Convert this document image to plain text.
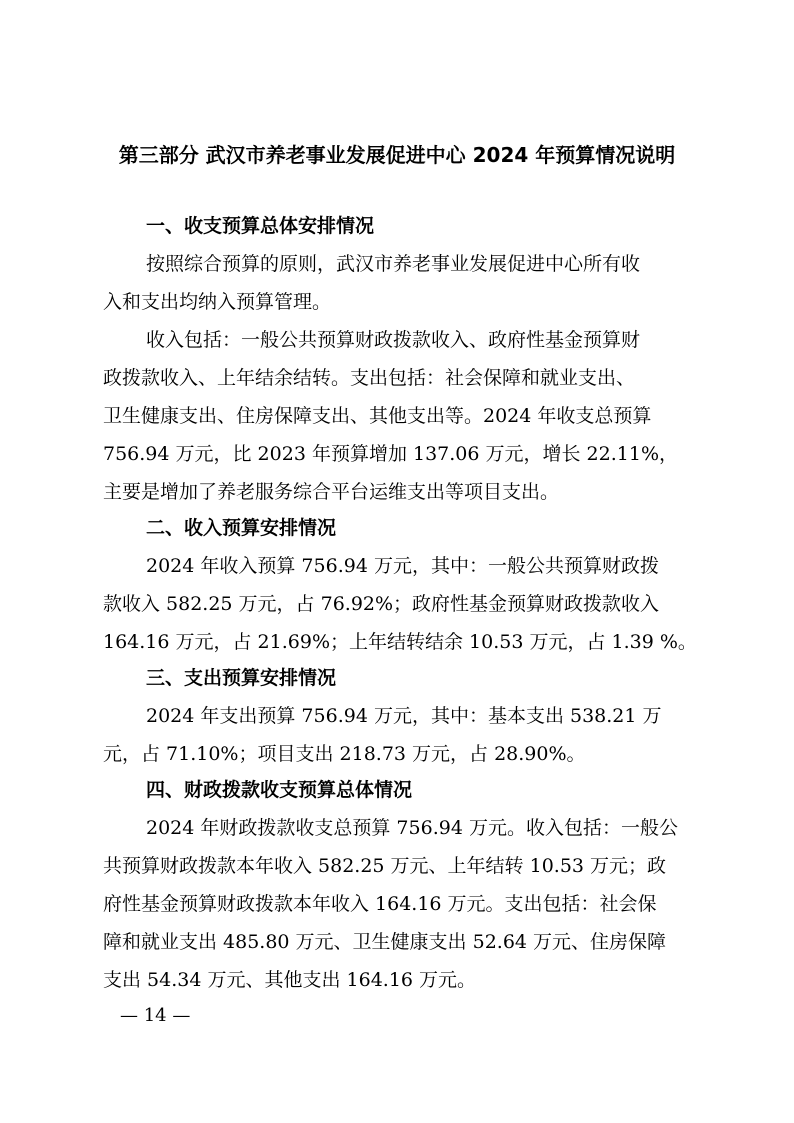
第三部分 武汉市养老事业发展促进中心 2024 年预算情况说明
一、收支预算总体安排情况
按照综合预算的原则，武汉市养老事业发展促进中心所有收
入和支出均纳入预算管理。
收入包括：一般公共预算财政拨款收入、政府性基金预算财
政拨款收入、上年结余结转。支出包括：社会保障和就业支出、
卫生健康支出、住房保障支出、其他支出等。2024 年收支总预算
756.94 万元，比 2023 年预算增加 137.06 万元，增长 22.11%，
主要是增加了养老服务综合平台运维支出等项目支出。
二、收入预算安排情况
2024 年收入预算 756.94 万元，其中：一般公共预算财政拨
款收入 582.25 万元，占 76.92%；政府性基金预算财政拨款收入
164.16 万元，占 21.69%；上年结转结余 10.53 万元，占 1.39 %。
三、支出预算安排情况
2024 年支出预算 756.94 万元，其中：基本支出 538.21 万
元，占 71.10%；项目支出 218.73 万元，占 28.90%。
四、财政拨款收支预算总体情况
2024 年财政拨款收支总预算 756.94 万元。收入包括：一般公
共预算财政拨款本年收入 582.25 万元、上年结转 10.53 万元；政
府性基金预算财政拨款本年收入 164.16 万元。支出包括：社会保
障和就业支出 485.80 万元、卫生健康支出 52.64 万元、住房保障
支出 54.34 万元、其他支出 164.16 万元。
— 14 —
